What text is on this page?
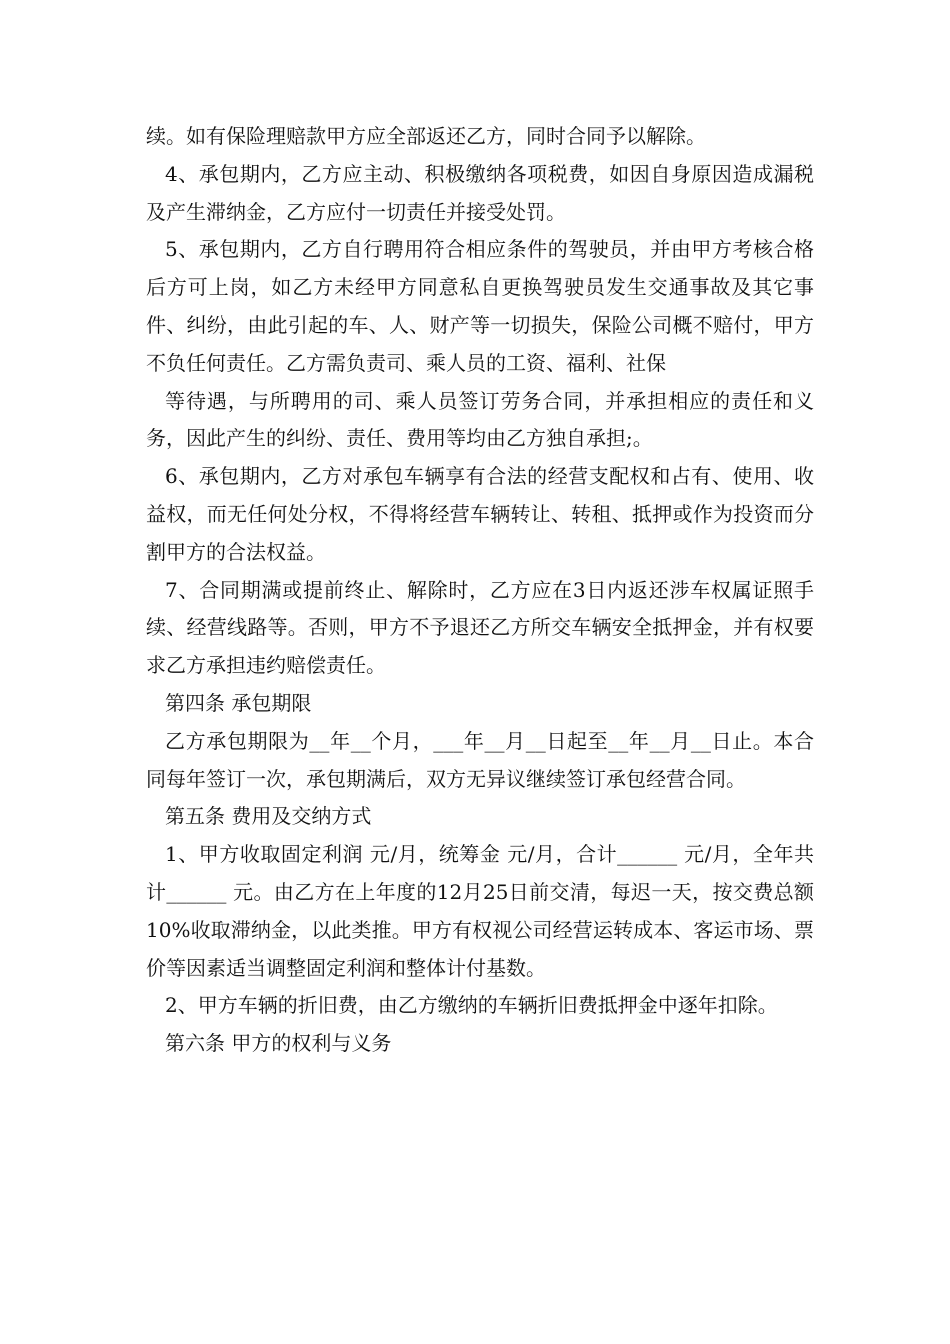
续。如有保险理赔款甲方应全部返还乙方，同时合同予以解除。

4、承包期内，乙方应主动、积极缴纳各项税费，如因自身原因造成漏税及产生滞纳金，乙方应付一切责任并接受处罚。

5、承包期内，乙方自行聘用符合相应条件的驾驶员，并由甲方考核合格后方可上岗，如乙方未经甲方同意私自更换驾驶员发生交通事故及其它事件、纠纷，由此引起的车、人、财产等一切损失，保险公司概不赔付，甲方不负任何责任。乙方需负责司、乘人员的工资、福利、社保

等待遇，与所聘用的司、乘人员签订劳务合同，并承担相应的责任和义务，因此产生的纠纷、责任、费用等均由乙方独自承担;。

6、承包期内，乙方对承包车辆享有合法的经营支配权和占有、使用、收益权，而无任何处分权，不得将经营车辆转让、转租、抵押或作为投资而分割甲方的合法权益。

7、合同期满或提前终止、解除时，乙方应在3日内返还涉车权属证照手续、经营线路等。否则，甲方不予退还乙方所交车辆安全抵押金，并有权要求乙方承担违约赔偿责任。

第四条 承包期限

乙方承包期限为__年__个月，___年__月__日起至__年__月__日止。本合同每年签订一次，承包期满后，双方无异议继续签订承包经营合同。

第五条 费用及交纳方式

1、甲方收取固定利润 元/月，统筹金 元/月，合计______ 元/月，全年共计______ 元。由乙方在上年度的12月25日前交清，每迟一天，按交费总额10%收取滞纳金，以此类推。甲方有权视公司经营运转成本、客运市场、票价等因素适当调整固定利润和整体计付基数。

2、甲方车辆的折旧费，由乙方缴纳的车辆折旧费抵押金中逐年扣除。

第六条 甲方的权利与义务
